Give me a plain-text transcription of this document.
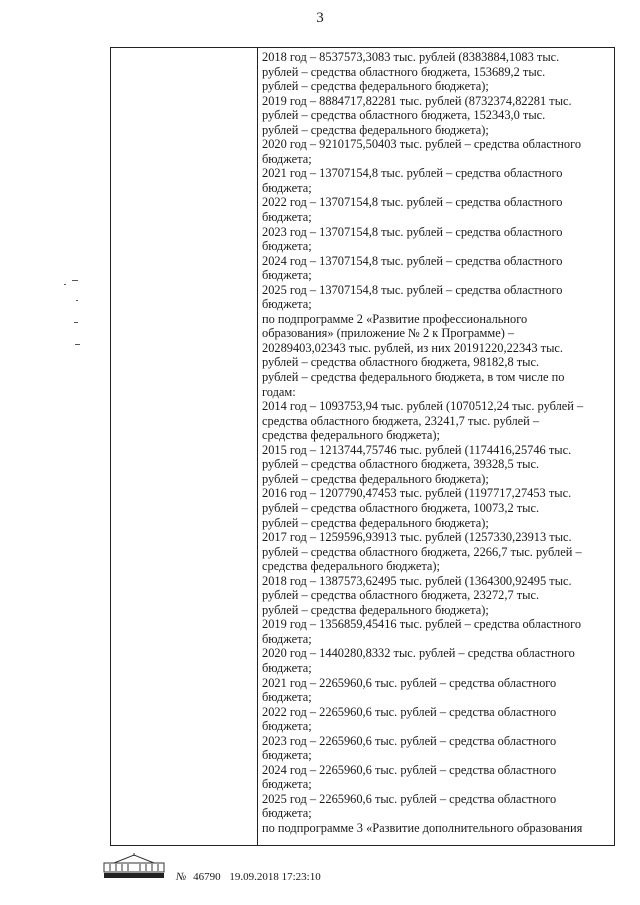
3
2018 год – 8537573,3083 тыс. рублей (8383884,1083 тыс.
рублей – средства областного бюджета, 153689,2 тыс.
рублей – средства федерального бюджета);
2019 год – 8884717,82281 тыс. рублей (8732374,82281 тыс.
рублей – средства областного бюджета, 152343,0 тыс.
рублей – средства федерального бюджета);
2020 год – 9210175,50403 тыс. рублей – средства областного
бюджета;
2021 год – 13707154,8 тыс. рублей – средства областного
бюджета;
2022 год – 13707154,8 тыс. рублей – средства областного
бюджета;
2023 год – 13707154,8 тыс. рублей – средства областного
бюджета;
2024 год – 13707154,8 тыс. рублей – средства областного
бюджета;
2025 год – 13707154,8 тыс. рублей – средства областного
бюджета;
по подпрограмме 2 «Развитие профессионального
образования» (приложение № 2 к Программе) –
20289403,02343 тыс. рублей, из них 20191220,22343 тыс.
рублей – средства областного бюджета, 98182,8 тыс.
рублей – средства федерального бюджета, в том числе по
годам:
2014 год – 1093753,94 тыс. рублей (1070512,24 тыс. рублей –
средства областного бюджета, 23241,7 тыс. рублей –
средства федерального бюджета);
2015 год – 1213744,75746 тыс. рублей (1174416,25746 тыс.
рублей – средства областного бюджета, 39328,5 тыс.
рублей – средства федерального бюджета);
2016 год – 1207790,47453 тыс. рублей (1197717,27453 тыс.
рублей – средства областного бюджета, 10073,2 тыс.
рублей – средства федерального бюджета);
2017 год – 1259596,93913 тыс. рублей (1257330,23913 тыс.
рублей – средства областного бюджета, 2266,7 тыс. рублей –
средства федерального бюджета);
2018 год – 1387573,62495 тыс. рублей (1364300,92495 тыс.
рублей – средства областного бюджета, 23272,7 тыс.
рублей – средства федерального бюджета);
2019 год – 1356859,45416 тыс. рублей – средства областного
бюджета;
2020 год – 1440280,8332 тыс. рублей – средства областного
бюджета;
2021 год – 2265960,6 тыс. рублей – средства областного
бюджета;
2022 год – 2265960,6 тыс. рублей – средства областного
бюджета;
2023 год – 2265960,6 тыс. рублей – средства областного
бюджета;
2024 год – 2265960,6 тыс. рублей – средства областного
бюджета;
2025 год – 2265960,6 тыс. рублей – средства областного
бюджета;
по подпрограмме 3 «Развитие дополнительного образования
№ 46790 19.09.2018 17:23:10
